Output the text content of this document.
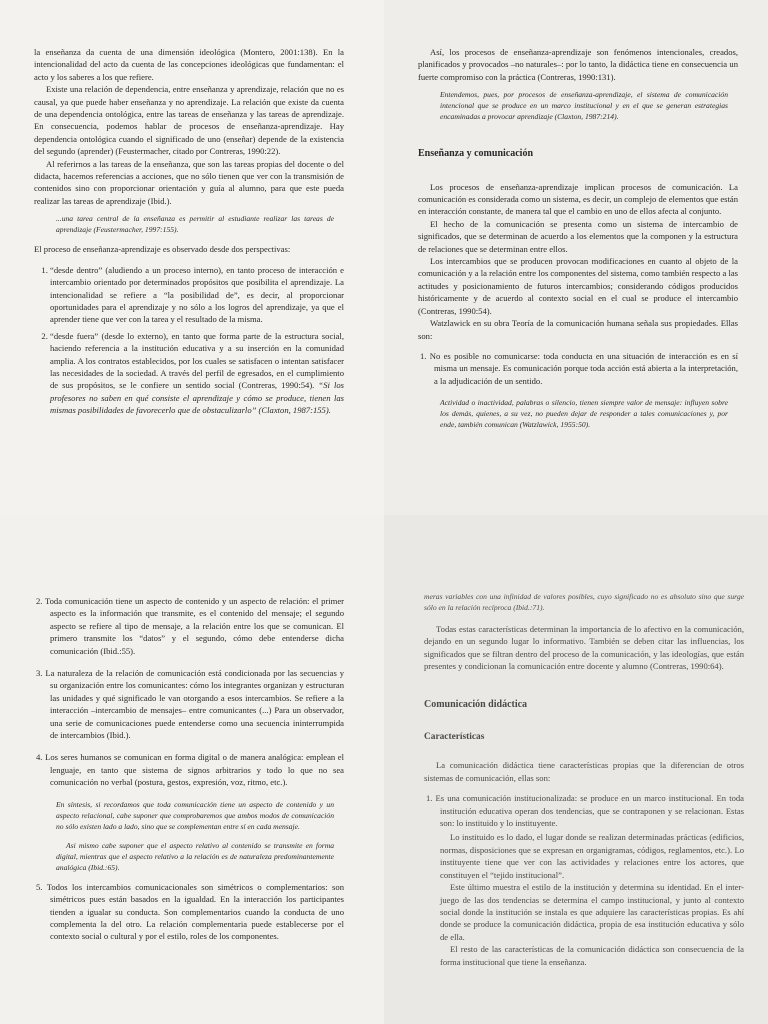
la enseñanza da cuenta de una dimensión ideológica (Montero, 2001:138). En la intencionalidad del acto da cuenta de las concepciones ideológicas que fundamentan: el acto y los saberes a los que refiere.

Existe una relación de dependencia, entre enseñanza y aprendizaje, relación que no es causal, ya que puede haber enseñanza y no aprendizaje. La relación que existe da cuenta de una dependencia ontológica, entre las tareas de enseñanza y las tareas de aprendizaje. En consecuencia, podemos hablar de procesos de enseñanza-aprendizaje. Hay dependencia ontológica cuando el significado de uno (enseñar) depende de la existencia del segundo (aprender) (Feustermacher, citado por Contreras, 1990:22).

Al referirnos a las tareas de la enseñanza, que son las tareas propias del docente o del didacta, hacemos referencias a acciones, que no sólo tienen que ver con la transmisión de contenidos sino con proporcionar orientación y guía al alumno, para que este pueda realizar las tareas de aprendizaje (Ibid.).

...una tarea central de la enseñanza es permitir al estudiante realizar las tareas de aprendizaje (Feustermacher, 1997:155).

El proceso de enseñanza-aprendizaje es observado desde dos perspectivas:

1. “desde dentro” (aludiendo a un proceso interno), en tanto proceso de interacción e intercambio orientado por determinados propósitos que posibilita el aprendizaje. La intencionalidad se refiere a “la posibilidad de”, es decir, al proporcionar oportunidades para el aprendizaje y no sólo a los logros del aprendizaje, ya que el aprender tiene que ver con la tarea y el resultado de la misma.
2. “desde fuera” (desde lo externo), en tanto que forma parte de la estructura social, haciendo referencia a la institución educativa y a su inserción en la comunidad amplia. A los contratos establecidos, por los cuales se satisfacen o intentan satisfacer las necesidades de la sociedad. A través del perfil de egresados, en el cumplimiento de sus propósitos, se le confiere un sentido social (Contreras, 1990:54). “Si los profesores no saben en qué consiste el aprendizaje y cómo se produce, tienen las mismas posibilidades de favorecerlo que de obstaculizarlo” (Claxton, 1987:155).

Así, los procesos de enseñanza-aprendizaje son fenómenos intencionales, creados, planificados y provocados –no naturales–: por lo tanto, la didáctica tiene en consecuencia un fuerte compromiso con la práctica (Contreras, 1990:131).

Entendemos, pues, por procesos de enseñanza-aprendizaje, el sistema de comunicación intencional que se produce en un marco institucional y en el que se generan estrategias encaminadas a provocar aprendizaje (Claxton, 1987:214).

Enseñanza y comunicación

Los procesos de enseñanza-aprendizaje implican procesos de comunicación. La comunicación es considerada como un sistema, es decir, un complejo de elementos que están en interacción constante, de manera tal que el cambio en uno de ellos afecta al conjunto.

El hecho de la comunicación se presenta como un sistema de intercambio de significados, que se determinan de acuerdo a los elementos que la componen y la estructura de relaciones que se determinan entre ellos.

Los intercambios que se producen provocan modificaciones en cuanto al objeto de la comunicación y a la relación entre los componentes del sistema, como también respecto a las actitudes y posicionamiento de futuros intercambios; considerando códigos producidos históricamente y de acuerdo al contexto social en el cual se produce el intercambio (Contreras, 1990:54).

Watzlawick en su obra Teoría de la comunicación humana señala sus propiedades. Ellas son:

1. No es posible no comunicarse: toda conducta en una situación de interacción es en sí misma un mensaje. Es comunicación porque toda acción está abierta a la interpretación, a la adjudicación de un sentido.

Actividad o inactividad, palabras o silencio, tienen siempre valor de mensaje: influyen sobre los demás, quienes, a su vez, no pueden dejar de responder a tales comunicaciones y, por ende, también comunican (Watzlawick, 1955:50).

2. Toda comunicación tiene un aspecto de contenido y un aspecto de relación: el primer aspecto es la información que transmite, es el contenido del mensaje; el segundo aspecto se refiere al tipo de mensaje, a la relación entre los que se comunican. El primero transmite los “datos” y el segundo, cómo debe entenderse dicha comunicación (Ibid.:55).

3. La naturaleza de la relación de comunicación está condicionada por las secuencias y su organización entre los comunicantes: cómo los integrantes organizan y estructuran las unidades y qué significado le van otorgando a esos intercambios. Se refiere a la interacción –intercambio de mensajes– entre comunicantes (...) Para un observador, una serie de comunicaciones puede entenderse como una secuencia ininterrumpida de intercambios (Ibid.).

4. Los seres humanos se comunican en forma digital o de manera analógica: emplean el lenguaje, en tanto que sistema de signos arbitrarios y todo lo que no sea comunicación no verbal (postura, gestos, expresión, voz, ritmo, etc.).

En síntesis, si recordamos que toda comunicación tiene un aspecto de contenido y un aspecto relacional, cabe suponer que comprobaremos que ambos modos de comunicación no sólo existen lado a lado, sino que se complementan entre sí en cada mensaje.

Asi mismo cabe suponer que el aspecto relativo al contenido se transmite en forma digital, mientras que el aspecto relativo a la relación es de naturaleza predominantemente analógica (Ibid.:65).

5. Todos los intercambios comunicacionales son simétricos o complementarios: son simétricos pues están basados en la igualdad. En la interacción los participantes tienden a igualar su conducta. Son complementarios cuando la conducta de uno complementa la del otro. La relación complementaria puede establecerse por el contexto social o cultural y por el estilo, roles de los componentes.

meras variables con una infinidad de valores posibles, cuyo significado no es absoluto sino que surge sólo en la relación recíproca (Ibid.:71).

Todas estas características determinan la importancia de lo afectivo en la comunicación, dejando en un segundo lugar lo informativo. También se deben citar las influencias, los significados que se filtran dentro del proceso de la comunicación, y las ideologías, que están presentes y condicionan la comunicación entre docente y alumno (Contreras, 1990:64).

Comunicación didáctica

Características

La comunicación didáctica tiene características propias que la diferencian de otros sistemas de comunicación, ellas son:

1. Es una comunicación institucionalizada: se produce en un marco institucional. En toda institución educativa operan dos tendencias, que se contraponen y se relacionan. Estas son: lo instituido y lo instituyente.

Lo instituido es lo dado, el lugar donde se realizan determinadas prácticas (edificios, normas, disposiciones que se expresan en organigramas, códigos, reglamentos, etc.). Lo instituyente tiene que ver con las actividades y relaciones entre los actores, que constituyen el “tejido institucional”.

Este último muestra el estilo de la institución y determina su identidad. En el inter-juego de las dos tendencias se determina el campo institucional, y junto al contexto social donde la institución se instala es que adquiere las características propias. Es ahí donde se produce la comunicación didáctica, propia de esa institución educativa y sólo de ella.

El resto de las características de la comunicación didáctica son consecuencia de la forma institucional que tiene la enseñanza.
